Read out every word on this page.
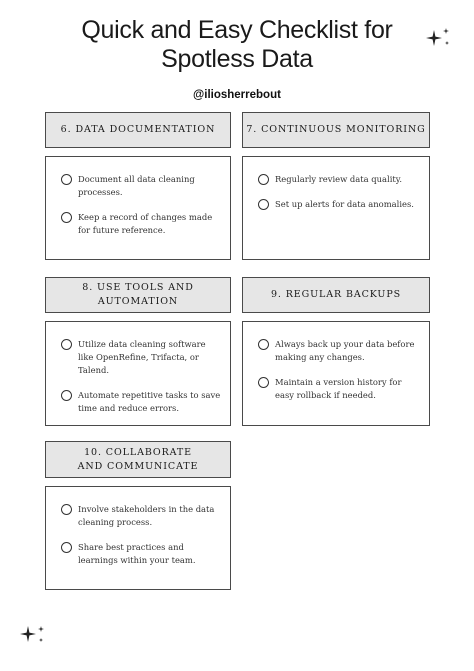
Quick and Easy Checklist for
Spotless Data
@iliosherrebout
6. DATA DOCUMENTATION
Document all data cleaning processes.
Keep a record of changes made for future reference.
7. CONTINUOUS MONITORING
Regularly review data quality.
Set up alerts for data anomalies.
8. USE TOOLS AND AUTOMATION
Utilize data cleaning software like OpenRefine, Trifacta, or Talend.
Automate repetitive tasks to save time and reduce errors.
9. REGULAR BACKUPS
Always back up your data before making any changes.
Maintain a version history for easy rollback if needed.
10. COLLABORATE AND COMMUNICATE
Involve stakeholders in the data cleaning process.
Share best practices and learnings within your team.
